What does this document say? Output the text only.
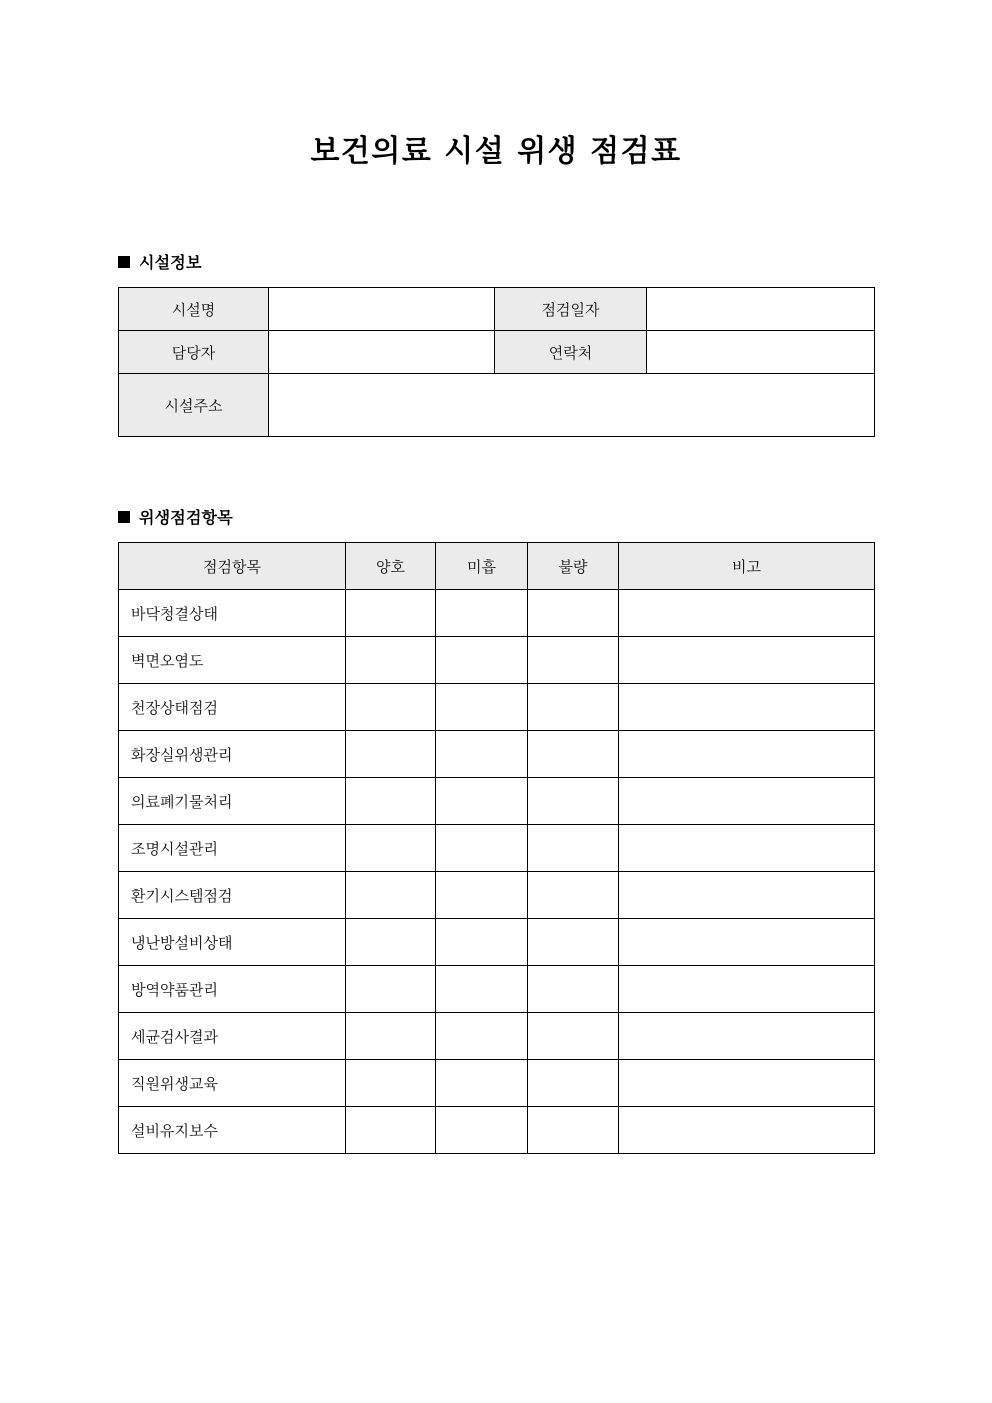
보건의료 시설 위생 점검표
시설정보
시설명		점검일자	
담당자		연락처	
시설주소			
위생점검항목
점검항목	양호	미흡	불량	비고
바닥청결상태				
벽면오염도				
천장상태점검				
화장실위생관리				
의료폐기물처리				
조명시설관리				
환기시스템점검				
냉난방설비상태				
방역약품관리				
세균검사결과				
직원위생교육				
설비유지보수				
